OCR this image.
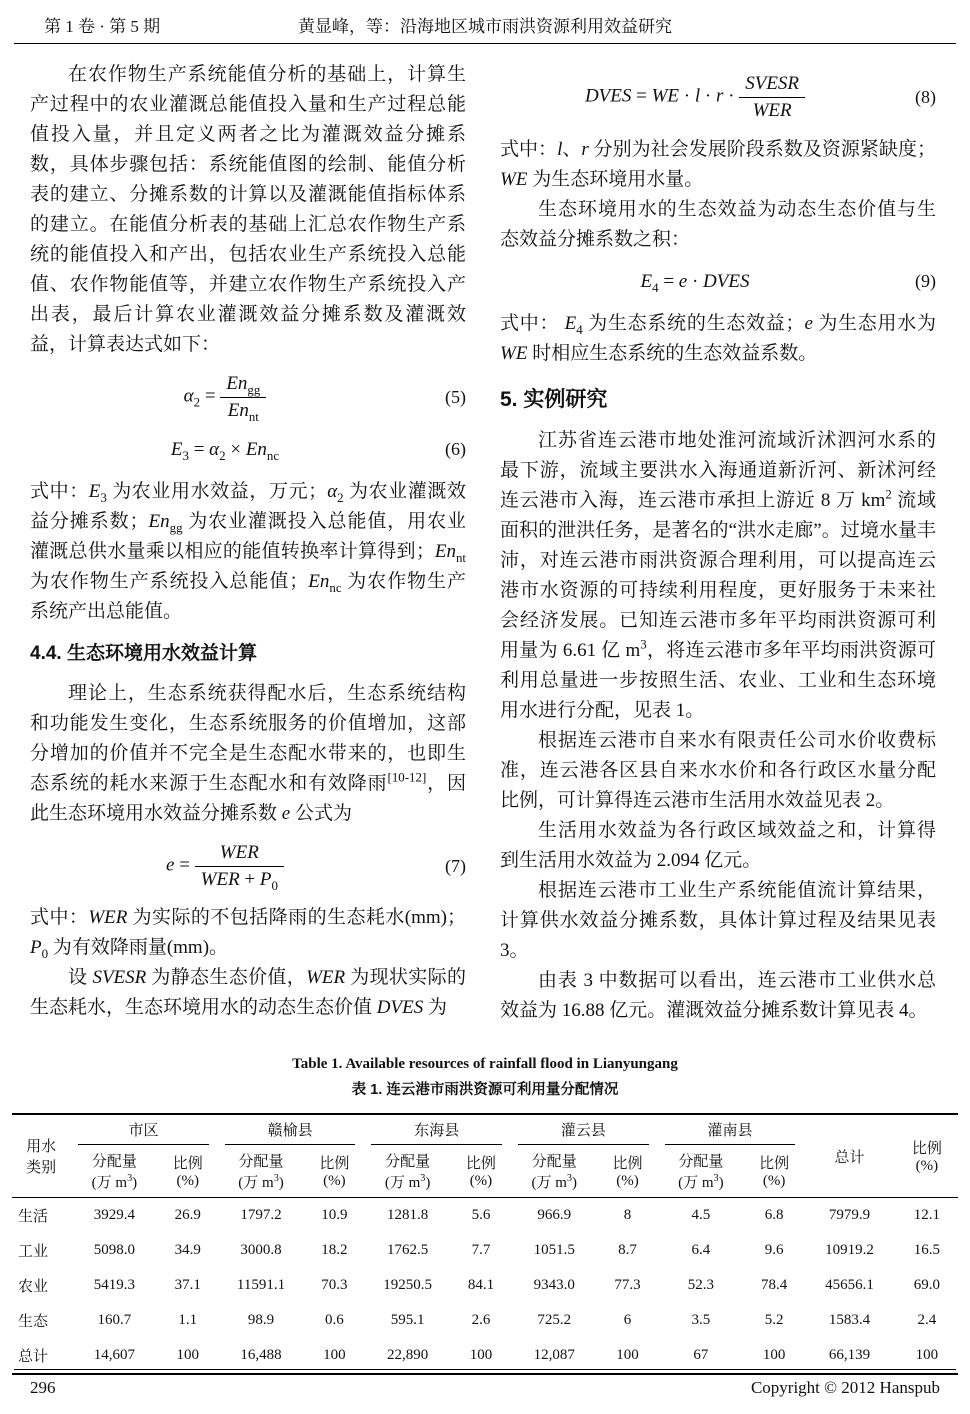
第 1 卷 · 第 5 期	黄显峰，等：沿海地区城市雨洪资源利用效益研究

在农作物生产系统能值分析的基础上，计算生产过程中的农业灌溉总能值投入量和生产过程总能值投入量，并且定义两者之比为灌溉效益分摊系数，具体步骤包括：系统能值图的绘制、能值分析表的建立、分摊系数的计算以及灌溉能值指标体系的建立。在能值分析表的基础上汇总农作物生产系统的能值投入和产出，包括农业生产系统投入总能值、农作物能值等，并建立农作物生产系统投入产出表，最后计算农业灌溉效益分摊系数及灌溉效益，计算表达式如下：

$\alpha_2 = \frac{En_{gg}}{En_{nt}}$	(5)
$E_3 = \alpha_2 \times En_{nc}$	(6)

式中：$E_3$ 为农业用水效益，万元；$\alpha_2$ 为农业灌溉效益分摊系数；$En_{gg}$ 为农业灌溉投入总能值，用农业灌溉总供水量乘以相应的能值转换率计算得到；$En_{nt}$ 为农作物生产系统投入总能值；$En_{nc}$ 为农作物生产系统产出总能值。

4.4. 生态环境用水效益计算

理论上，生态系统获得配水后，生态系统结构和功能发生变化，生态系统服务的价值增加，这部分增加的价值并不完全是生态配水带来的，也即生态系统的耗水来源于生态配水和有效降雨[10-12]，因此生态环境用水效益分摊系数 e 公式为

$e = \frac{\text{WER}}{WER + P_0}$	(7)

式中：WER 为实际的不包括降雨的生态耗水(mm)；$P_0$ 为有效降雨量(mm)。

设 SVESR 为静态生态价值，WER 为现状实际的生态耗水，生态环境用水的动态生态价值 DVES 为

DVES = WE · $l \cdot r \cdot \frac{\text{SVESR}}{\text{WER}}$	(8)

式中：l、r 分别为社会发展阶段系数及资源紧缺度；WE 为生态环境用水量。

生态环境用水的生态效益为动态生态价值与生态效益分摊系数之积：

$E_4 = e$ · DVES	(9)

式中： $E_4$ 为生态系统的生态效益；e 为生态用水为 WE 时相应生态系统的生态效益系数。

5. 实例研究

江苏省连云港市地处淮河流域沂沭泗河水系的最下游，流域主要洪水入海通道新沂河、新沭河经连云港市入海，连云港市承担上游近 8 万 $km^2$ 流域面积的泄洪任务，是著名的“洪水走廊”。过境水量丰沛，对连云港市雨洪资源合理利用，可以提高连云港市水资源的可持续利用程度，更好服务于未来社会经济发展。已知连云港市多年平均雨洪资源可利用量为 6.61 亿 $m^3$，将连云港市多年平均雨洪资源可利用总量进一步按照生活、农业、工业和生态环境用水进行分配，见表 1。

根据连云港市自来水有限责任公司水价收费标准，连云港各区县自来水水价和各行政区水量分配比例，可计算得连云港市生活用水效益见表 2。

生活用水效益为各行政区域效益之和，计算得到生活用水效益为 2.094 亿元。

根据连云港市工业生产系统能值流计算结果，计算供水效益分摊系数，具体计算过程及结果见表 3。

由表 3 中数据可以看出，连云港市工业供水总效益为 16.88 亿元。灌溉效益分摊系数计算见表 4。

Table 1. Available resources of rainfall flood in Lianyungang
表 1. 连云港市雨洪资源可利用量分配情况
用水
类别	市区		赣榆县		东海县		灌云县		灌南县		总计	比例
(%)
	分配量
(万 $m^3$)	比例
(%)	分配量
(万 $m^3$)	比例
(%)	分配量
(万 $m^3$)	比例
(%)	分配量
(万 $m^3$)	比例
(%)	分配量
(万 $m^3$)	比例
(%)		
生活	3929.4	26.9	1797.2	10.9	1281.8	5.6	966.9	8	4.5	6.8	7979.9	12.1
工业	5098.0	34.9	3000.8	18.2	1762.5	7.7	1051.5	8.7	6.4	9.6	10919.2	16.5
农业	5419.3	37.1	11591.1	70.3	19250.5	84.1	9343.0	77.3	52.3	78.4	45656.1	69.0
生态	160.7	1.1	98.9	0.6	595.1	2.6	725.2	6	3.5	5.2	1583.4	2.4
总计	14,607	100	16,488	100	22,890	100	12,087	100	67	100	66,139	100
296	Copyright © 2012 Hanspub
